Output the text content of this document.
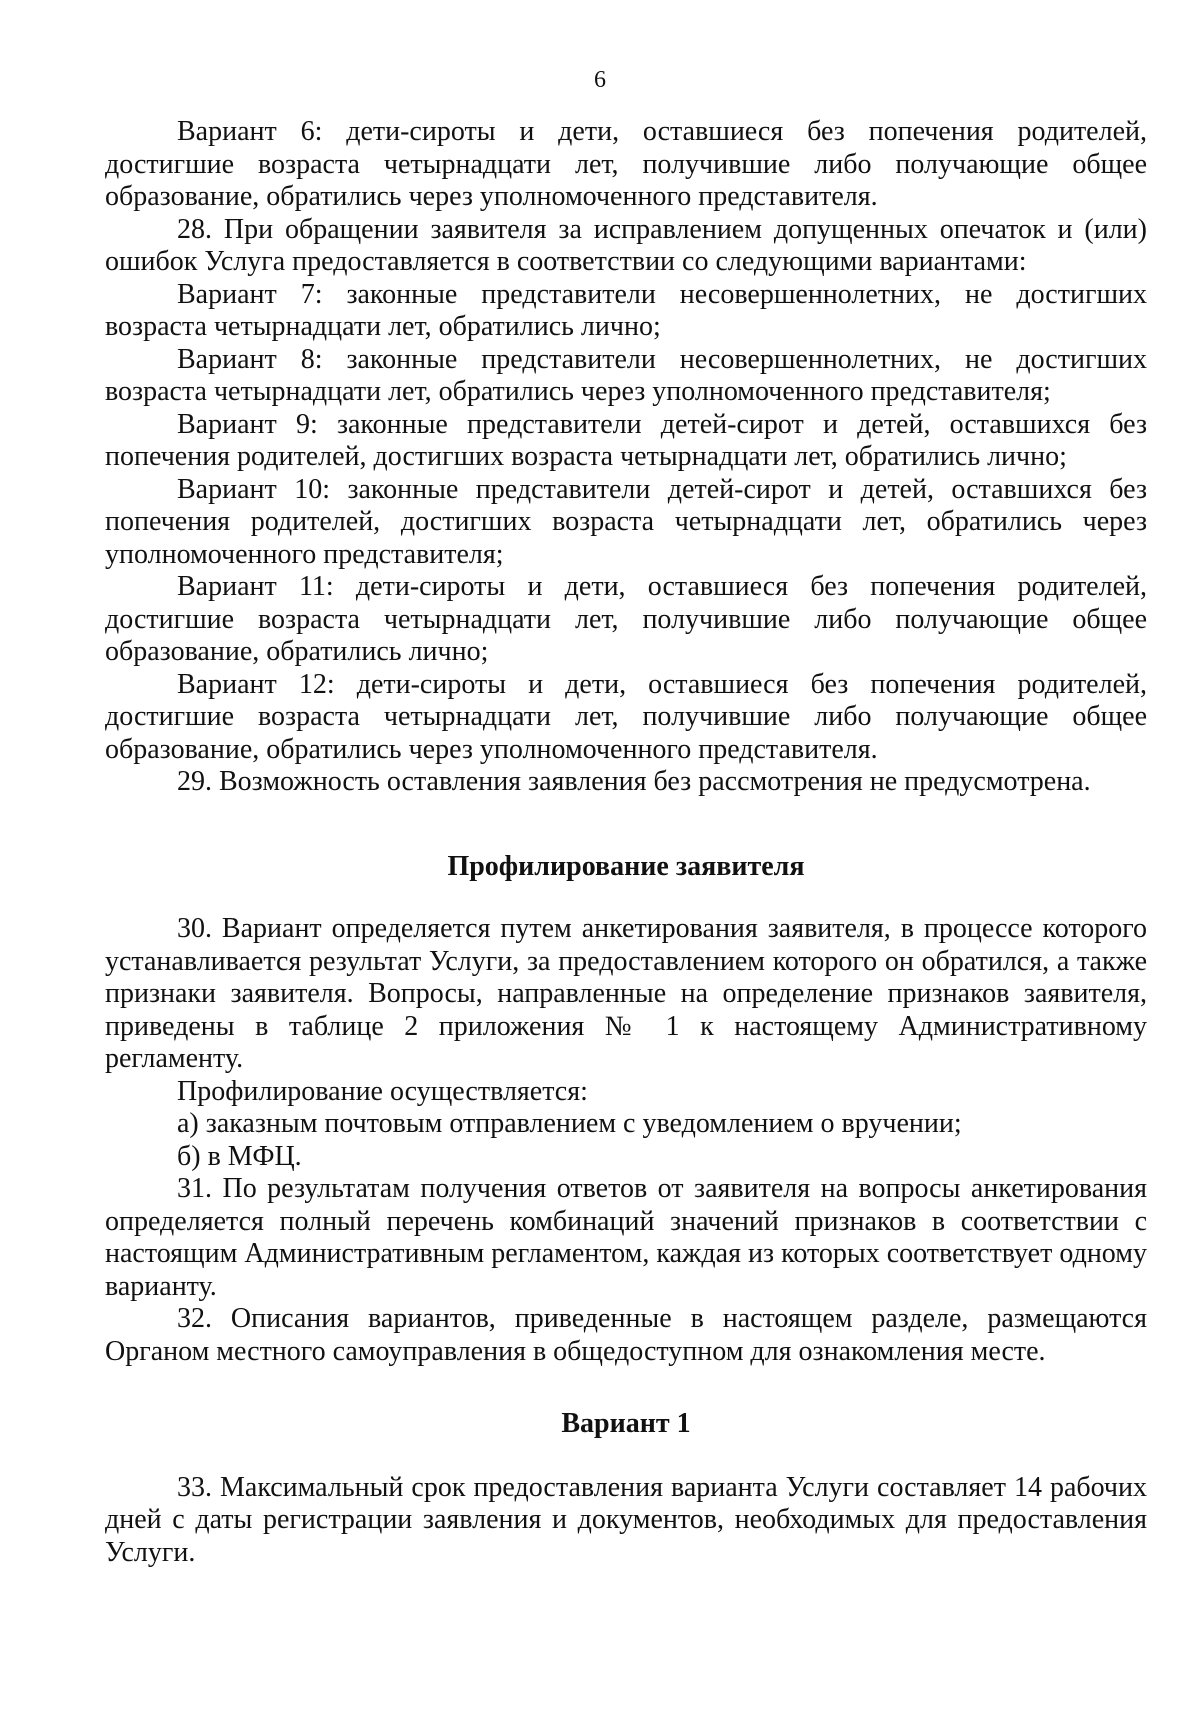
6

Вариант 6: дети-сироты и дети, оставшиеся без попечения родителей, достигшие возраста четырнадцати лет, получившие либо получающие общее образование, обратились через уполномоченного представителя.

28. При обращении заявителя за исправлением допущенных опечаток и (или) ошибок Услуга предоставляется в соответствии со следующими вариантами:

Вариант 7: законные представители несовершеннолетних, не достигших возраста четырнадцати лет, обратились лично;

Вариант 8: законные представители несовершеннолетних, не достигших возраста четырнадцати лет, обратились через уполномоченного представителя;

Вариант 9: законные представители детей-сирот и детей, оставшихся без попечения родителей, достигших возраста четырнадцати лет, обратились лично;

Вариант 10: законные представители детей-сирот и детей, оставшихся без попечения родителей, достигших возраста четырнадцати лет, обратились через уполномоченного представителя;

Вариант 11: дети-сироты и дети, оставшиеся без попечения родителей, достигшие возраста четырнадцати лет, получившие либо получающие общее образование, обратились лично;

Вариант 12: дети-сироты и дети, оставшиеся без попечения родителей, достигшие возраста четырнадцати лет, получившие либо получающие общее образование, обратились через уполномоченного представителя.

29. Возможность оставления заявления без рассмотрения не предусмотрена.

Профилирование заявителя

30. Вариант определяется путем анкетирования заявителя, в процессе которого устанавливается результат Услуги, за предоставлением которого он обратился, а также признаки заявителя. Вопросы, направленные на определение признаков заявителя, приведены в таблице 2 приложения № 1 к настоящему Административному регламенту.

Профилирование осуществляется:

а) заказным почтовым отправлением с уведомлением о вручении;

б) в МФЦ.

31. По результатам получения ответов от заявителя на вопросы анкетирования определяется полный перечень комбинаций значений признаков в соответствии с настоящим Административным регламентом, каждая из которых соответствует одному варианту.

32. Описания вариантов, приведенные в настоящем разделе, размещаются Органом местного самоуправления в общедоступном для ознакомления месте.

Вариант 1

33. Максимальный срок предоставления варианта Услуги составляет 14 рабочих дней с даты регистрации заявления и документов, необходимых для предоставления Услуги.
